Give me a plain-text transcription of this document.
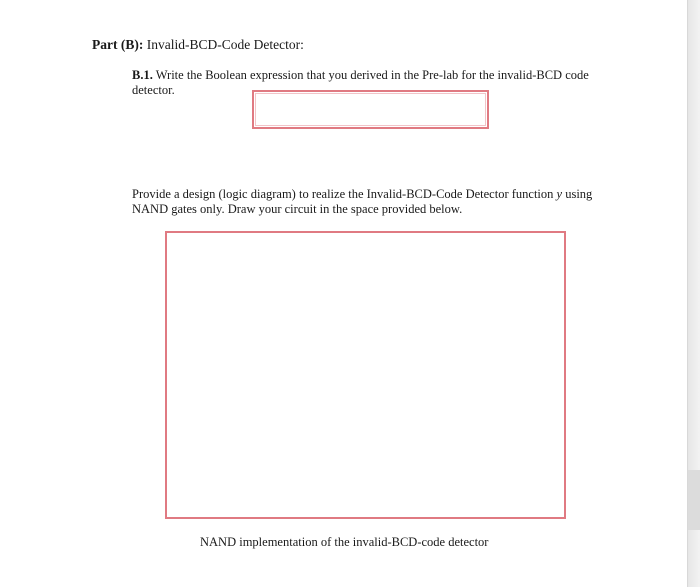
Part (B): Invalid-BCD-Code Detector:
B.1. Write the Boolean expression that you derived in the Pre-lab for the invalid-BCD code detector.
Provide a design (logic diagram) to realize the Invalid-BCD-Code Detector function y using NAND gates only. Draw your circuit in the space provided below.
NAND implementation of the invalid-BCD-code detector
